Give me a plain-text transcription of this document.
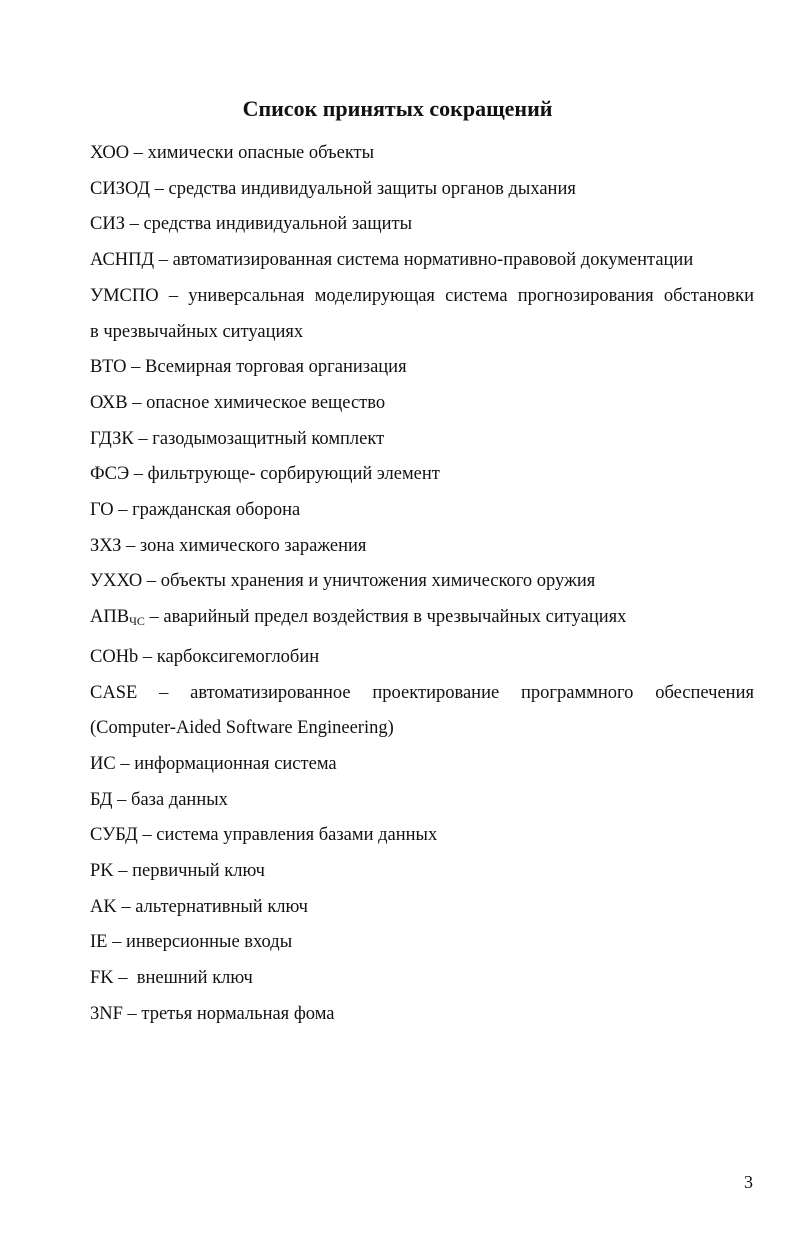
Список принятых сокращений
ХОО – химически опасные объекты
СИЗОД – средства индивидуальной защиты органов дыхания
СИЗ – средства индивидуальной защиты
АСНПД – автоматизированная система нормативно-правовой документации
УМСПО – универсальная моделирующая система прогнозирования обстановки
в чрезвычайных ситуациях
ВТО – Всемирная торговая организация
ОХВ – опасное химическое вещество
ГДЗК – газодымозащитный комплект
ФСЭ – фильтрующе- сорбирующий элемент
ГО – гражданская оборона
ЗХЗ – зона химического заражения
УХХО – объекты хранения и уничтожения химического оружия
$АПВ_{ЧС}$ – аварийный предел воздействия в чрезвычайных ситуациях
COHb – карбоксигемоглобин
CASE – автоматизированное проектирование программного обеспечения
(Computer-Aided Software Engineering)
ИС – информационная система
БД – база данных
СУБД – система управления базами данных
PK – первичный ключ
AK – альтернативный ключ
IE – инверсионные входы
FK –  внешний ключ
3NF – третья нормальная фома
3
